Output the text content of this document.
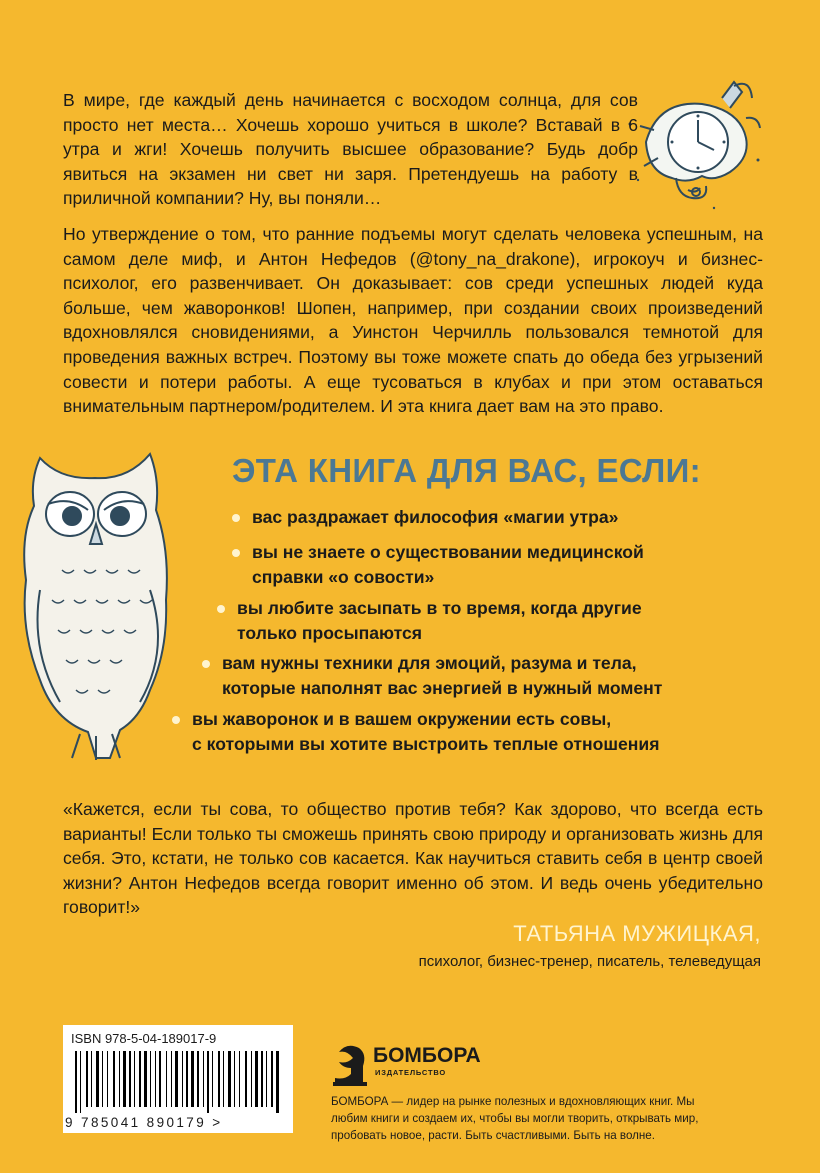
В мире, где каждый день начинается с восходом солнца, для сов просто нет места… Хочешь хорошо учиться в школе? Вставай в 6 утра и жги! Хочешь получить высшее образование? Будь добр явиться на экзамен ни свет ни заря. Претендуешь на работу в приличной компании? Ну, вы поняли…

Но утверждение о том, что ранние подъемы могут сделать человека успешным, на самом деле миф, и Антон Нефедов (@tony_na_drakone), игрокоуч и бизнес-психолог, его развенчивает. Он доказывает: сов среди успешных людей куда больше, чем жаворонков! Шопен, например, при создании своих произведений вдохновлялся сновидениями, а Уинстон Черчилль пользовался темнотой для проведения важных встреч. Поэтому вы тоже можете спать до обеда без угрызений совести и потери работы. А еще тусоваться в клубах и при этом оставаться внимательным партнером/родителем. И эта книга дает вам на это право.

ЭТА КНИГА ДЛЯ ВАС, ЕСЛИ:
вас раздражает философия «магии утра»
вы не знаете о существовании медицинской
справки «о совости»
вы любите засыпать в то время, когда другие
только просыпаются
вам нужны техники для эмоций, разума и тела,
которые наполнят вас энергией в нужный момент
вы жаворонок и в вашем окружении есть совы,
с которыми вы хотите выстроить теплые отношения

«Кажется, если ты сова, то общество против тебя? Как здорово, что всегда есть варианты! Если только ты сможешь принять свою природу и организовать жизнь для себя. Это, кстати, не только сов касается. Как научиться ставить себя в центр своей жизни? Антон Нефедов всегда говорит именно об этом. И ведь очень убедительно говорит!»

ТАТЬЯНА МУЖИЦКАЯ,
психолог, бизнес-тренер, писатель, телеведущая
ISBN 978-5-04-189017-9
9 785041 890179 >
БОМБОРА
ИЗДАТЕЛЬСТВО

БОМБОРА — лидер на рынке полезных и вдохновляющих книг. Мы любим книги и создаем их, чтобы вы могли творить, открывать мир, пробовать новое, расти. Быть счастливыми. Быть на волне.
